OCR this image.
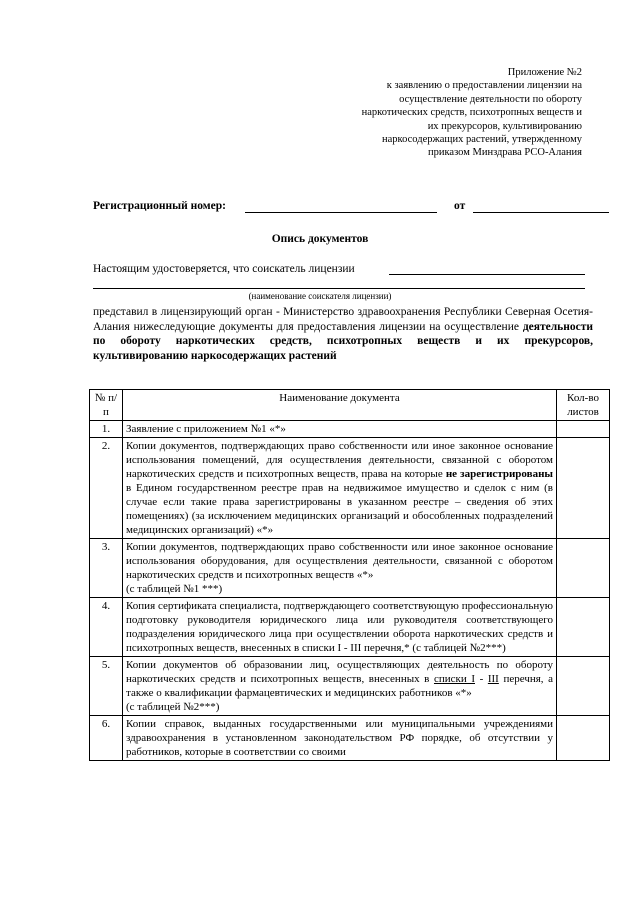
Приложение №2
к заявлению о предоставлении лицензии на
осуществление деятельности по обороту
наркотических средств, психотропных веществ и
их прекурсоров, культивированию
наркосодержащих растений, утвержденному
приказом Минздрава РСО-Алания
Регистрационный номер:	от
Опись документов
Настоящим удостоверяется, что соискатель лицензии
(наименование соискателя лицензии)
представил в лицензирующий орган - Министерство здравоохранения Республики Северная Осетия-Алания нижеследующие документы для предоставления лицензии на осуществление деятельности по обороту наркотических средств, психотропных веществ и их прекурсоров, культивированию наркосодержащих растений
№ п/п	Наименование документа	Кол-во листов
1.	Заявление с приложением №1 «*»	
2.	Копии документов, подтверждающих право собственности или иное законное основание использования помещений, для осуществления деятельности, связанной с оборотом наркотических средств и психотропных веществ, права на которые не зарегистрированы в Едином государственном реестре прав на недвижимое имущество и сделок с ним (в случае если такие права зарегистрированы в указанном реестре – сведения об этих помещениях) (за исключением медицинских организаций и обособленных подразделений медицинских организаций) «*»	
3.	Копии документов, подтверждающих право собственности или иное законное основание использования оборудования, для осуществления деятельности, связанной с оборотом наркотических средств и психотропных веществ «*»
(с таблицей №1 ***)	
4.	Копия сертификата специалиста, подтверждающего соответствующую профессиональную подготовку руководителя юридического лица или руководителя соответствующего подразделения юридического лица при осуществлении оборота наркотических средств и психотропных веществ, внесенных в списки I - III перечня,* (с таблицей №2***)	
5.	Копии документов об образовании лиц, осуществляющих деятельность по обороту наркотических средств и психотропных веществ, внесенных в списки I - III перечня, а также о квалификации фармацевтических и медицинских работников «*»
(с таблицей №2***)	
6.	Копии справок, выданных государственными или муниципальными учреждениями здравоохранения в установленном законодательством РФ порядке, об отсутствии у работников, которые в соответствии со своими	
